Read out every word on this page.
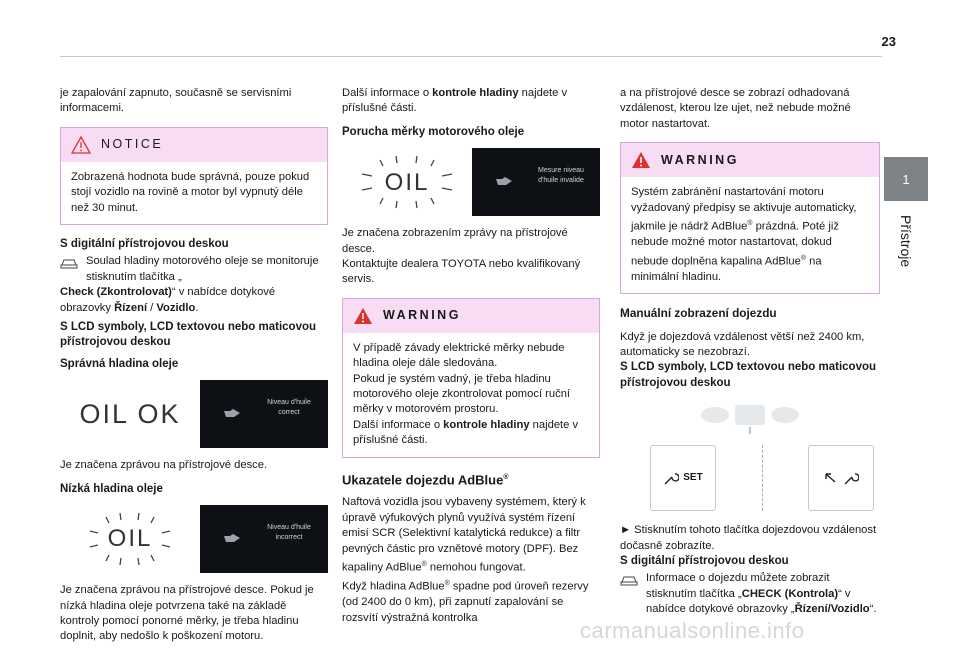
23

je zapalování zapnuto, současně se servisními informacemi.

NOTICE

Zobrazená hodnota bude správná, pouze pokud stojí vozidlo na rovině a motor byl vypnutý déle než 30 minut.

S digitální přístrojovou deskou
Soulad hladiny motorového oleje se monitoruje stisknutím tlačítka „

Check (Zkontrolovat)“ v nabídce dotykové obrazovky Řízení / Vozidlo.

S LCD symboly, LCD textovou nebo maticovou přístrojovou deskou
Správná hladina oleje
OIL OK	Niveau d'huile correct

Je značena zprávou na přístrojové desce.

Nízká hladina oleje
OIL	Niveau d'huile incorrect

Je značena zprávou na přístrojové desce. Pokud je nízká hladina oleje potvrzena také na základě kontroly pomocí ponorné měrky, je třeba hladinu doplnit, aby nedošlo k poškození motoru.

Další informace o kontrole hladiny najdete v příslušné části.

Porucha měrky motorového oleje
OIL	Mesure niveau d'huile invalide

Je značena zobrazením zprávy na přístrojové desce.
Kontaktujte dealera TOYOTA nebo kvalifikovaný servis.

WARNING

V případě závady elektrické měrky nebude hladina oleje dále sledována.
Pokud je systém vadný, je třeba hladinu motorového oleje zkontrolovat pomocí ruční měrky v motorovém prostoru.
Další informace o kontrole hladiny najdete v příslušné části.

Ukazatele dojezdu AdBlue®

Naftová vozidla jsou vybaveny systémem, který k úpravě výfukových plynů využívá systém řízení emisí SCR (Selektivní katalytická redukce) a filtr pevných částic pro vznětové motory (DPF). Bez kapaliny AdBlue® nemohou fungovat.
Když hladina AdBlue® spadne pod úroveň rezervy (od 2400 do 0 km), při zapnutí zapalování se rozsvítí výstražná kontrolka

a na přístrojové desce se zobrazí odhadovaná vzdálenost, kterou lze ujet, než nebude možné motor nastartovat.

WARNING

Systém zabránění nastartování motoru vyžadovaný předpisy se aktivuje automaticky, jakmile je nádrž AdBlue® prázdná. Poté již nebude možné motor nastartovat, dokud nebude doplněna kapalina AdBlue® na minimální hladinu.

Manuální zobrazení dojezdu

Když je dojezdová vzdálenost větší než 2400 km, automaticky se nezobrazí.

S LCD symboly, LCD textovou nebo maticovou přístrojovou deskou
SET

► Stisknutím tohoto tlačítka dojezdovou vzdálenost dočasně zobrazíte.

S digitální přístrojovou deskou
Informace o dojezdu můžete zobrazit stisknutím tlačítka „CHECK (Kontrola)“ v nabídce dotykové obrazovky „Řízení/Vozidlo“.
1
Přístroje
carmanualsonline.info
